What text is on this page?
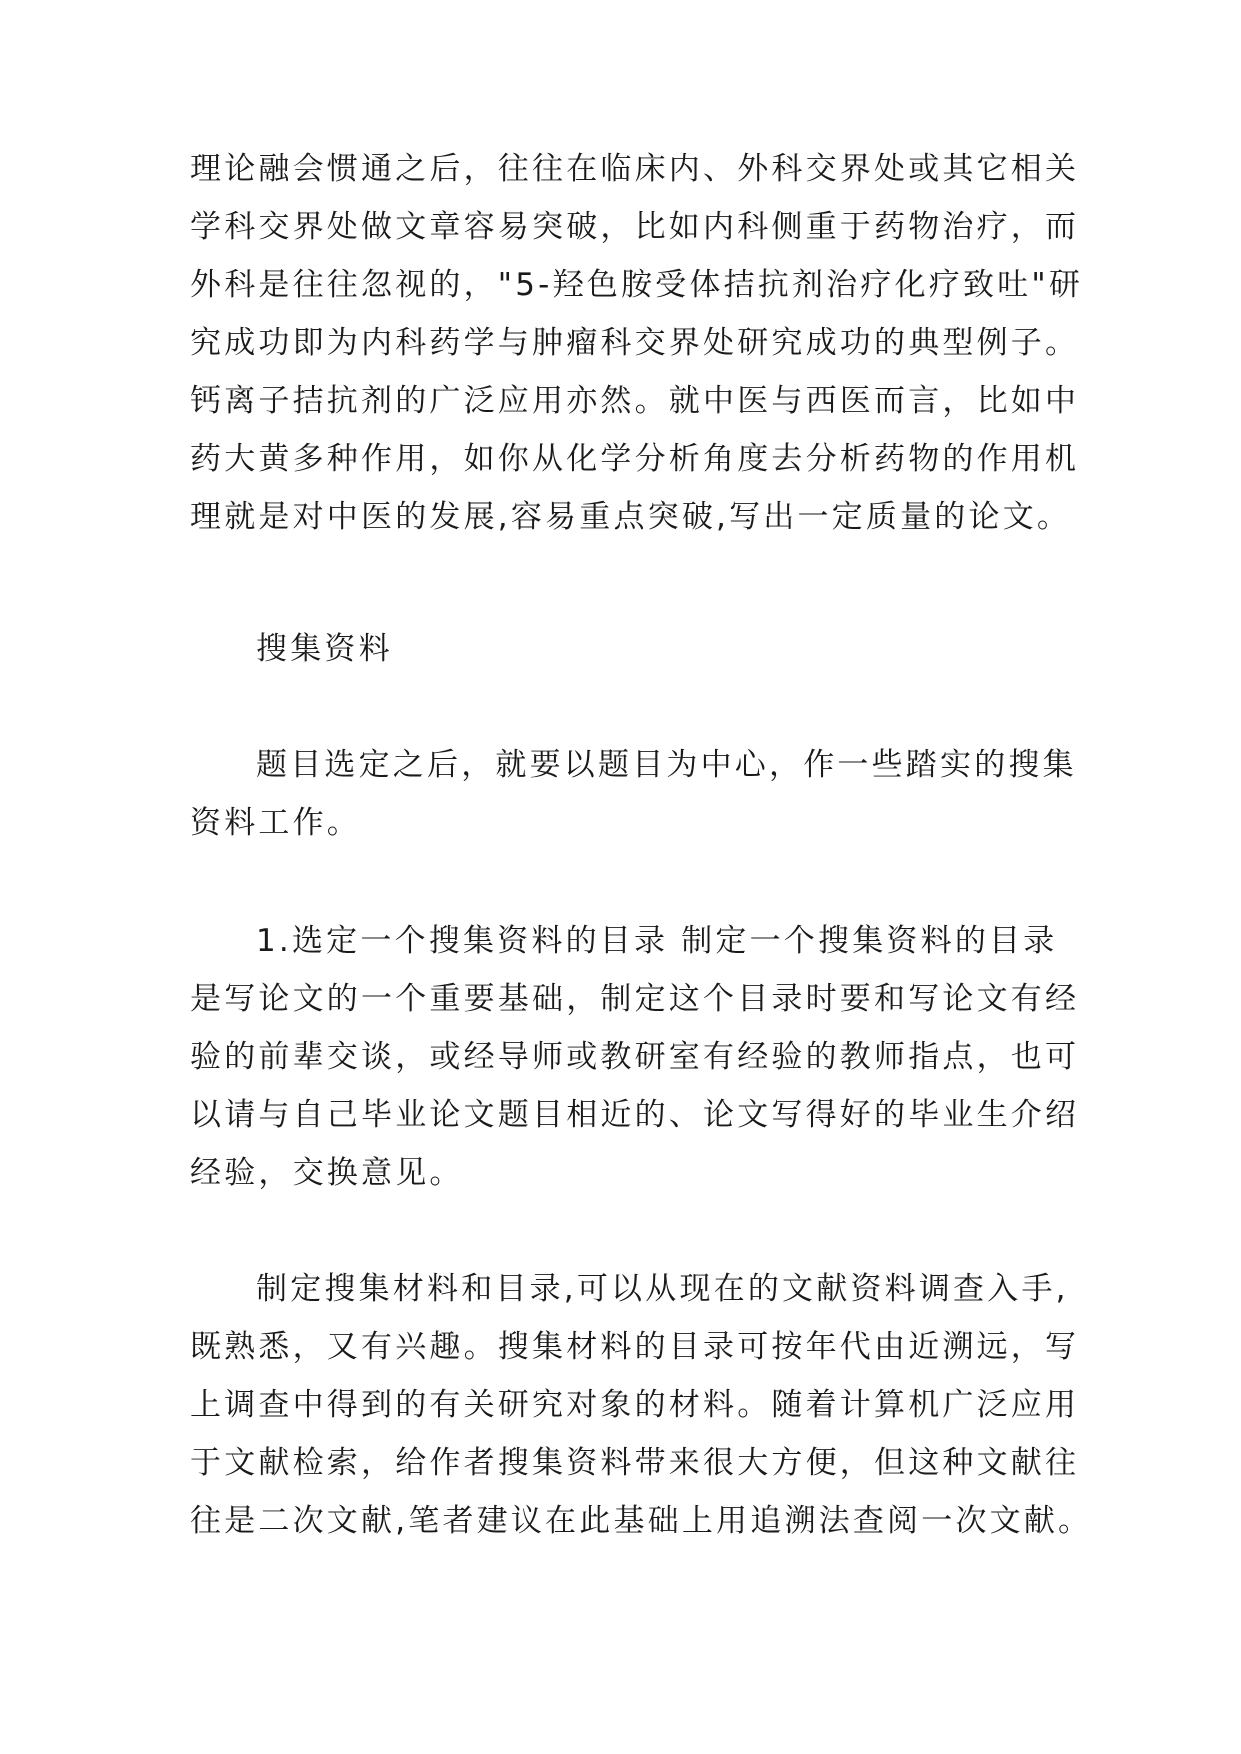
理论融会惯通之后，往往在临床内、外科交界处或其它相关
学科交界处做文章容易突破，比如内科侧重于药物治疗，而
外科是往往忽视的，"5-羟色胺受体拮抗剂治疗化疗致吐"研
究成功即为内科药学与肿瘤科交界处研究成功的典型例子。
钙离子拮抗剂的广泛应用亦然。就中医与西医而言，比如中
药大黄多种作用，如你从化学分析角度去分析药物的作用机
理就是对中医的发展,容易重点突破,写出一定质量的论文。
搜集资料
题目选定之后，就要以题目为中心，作一些踏实的搜集
资料工作。
1.选定一个搜集资料的目录 制定一个搜集资料的目录
是写论文的一个重要基础，制定这个目录时要和写论文有经
验的前辈交谈，或经导师或教研室有经验的教师指点，也可
以请与自己毕业论文题目相近的、论文写得好的毕业生介绍
经验，交换意见。
制定搜集材料和目录,可以从现在的文献资料调查入手,
既熟悉，又有兴趣。搜集材料的目录可按年代由近溯远，写
上调查中得到的有关研究对象的材料。随着计算机广泛应用
于文献检索，给作者搜集资料带来很大方便，但这种文献往
往是二次文献,笔者建议在此基础上用追溯法查阅一次文献。
